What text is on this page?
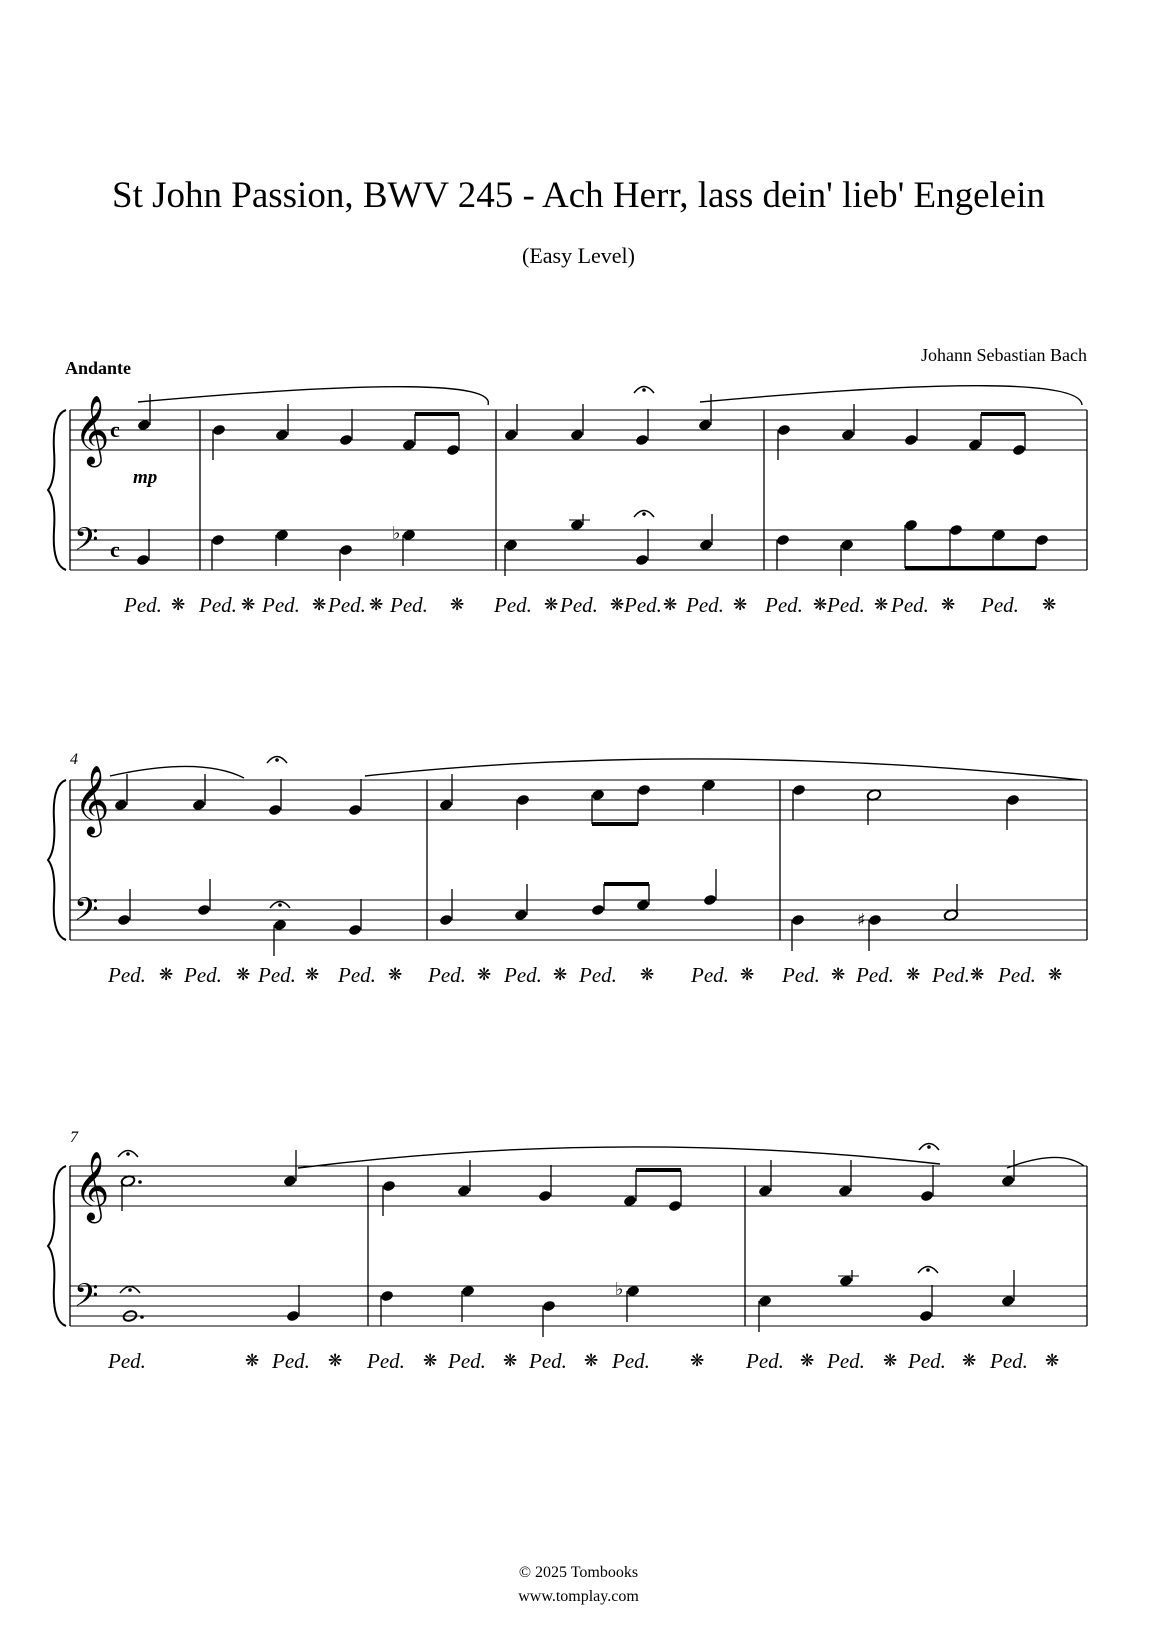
St John Passion, BWV 245 - Ach Herr, lass dein' lieb' Engelein
(Easy Level)
Johann Sebastian Bach
Andante
𝄞
𝄢
c
c
mp
♭
Ped. ❋ Ped. ❋ Ped. ❋ Ped. ❋ Ped. ❋ Ped. ❋ Ped. ❋ Ped. ❋ Ped. ❋ Ped. ❋ Ped. ❋ Ped. ❋ Ped. ❋
4
𝄞
𝄢	♯
Ped. ❋ Ped. ❋ Ped. ❋ Ped. ❋ Ped. ❋ Ped. ❋ Ped. ❋ Ped. ❋ Ped. ❋ Ped. ❋ Ped. ❋ Ped. ❋
7
𝄞
𝄢	♭
Ped.	❋ Ped. ❋ Ped. ❋ Ped. ❋ Ped. ❋ Ped. ❋ Ped. ❋ Ped. ❋ Ped. ❋ Ped. ❋
© 2025 Tombooks
www.tomplay.com
